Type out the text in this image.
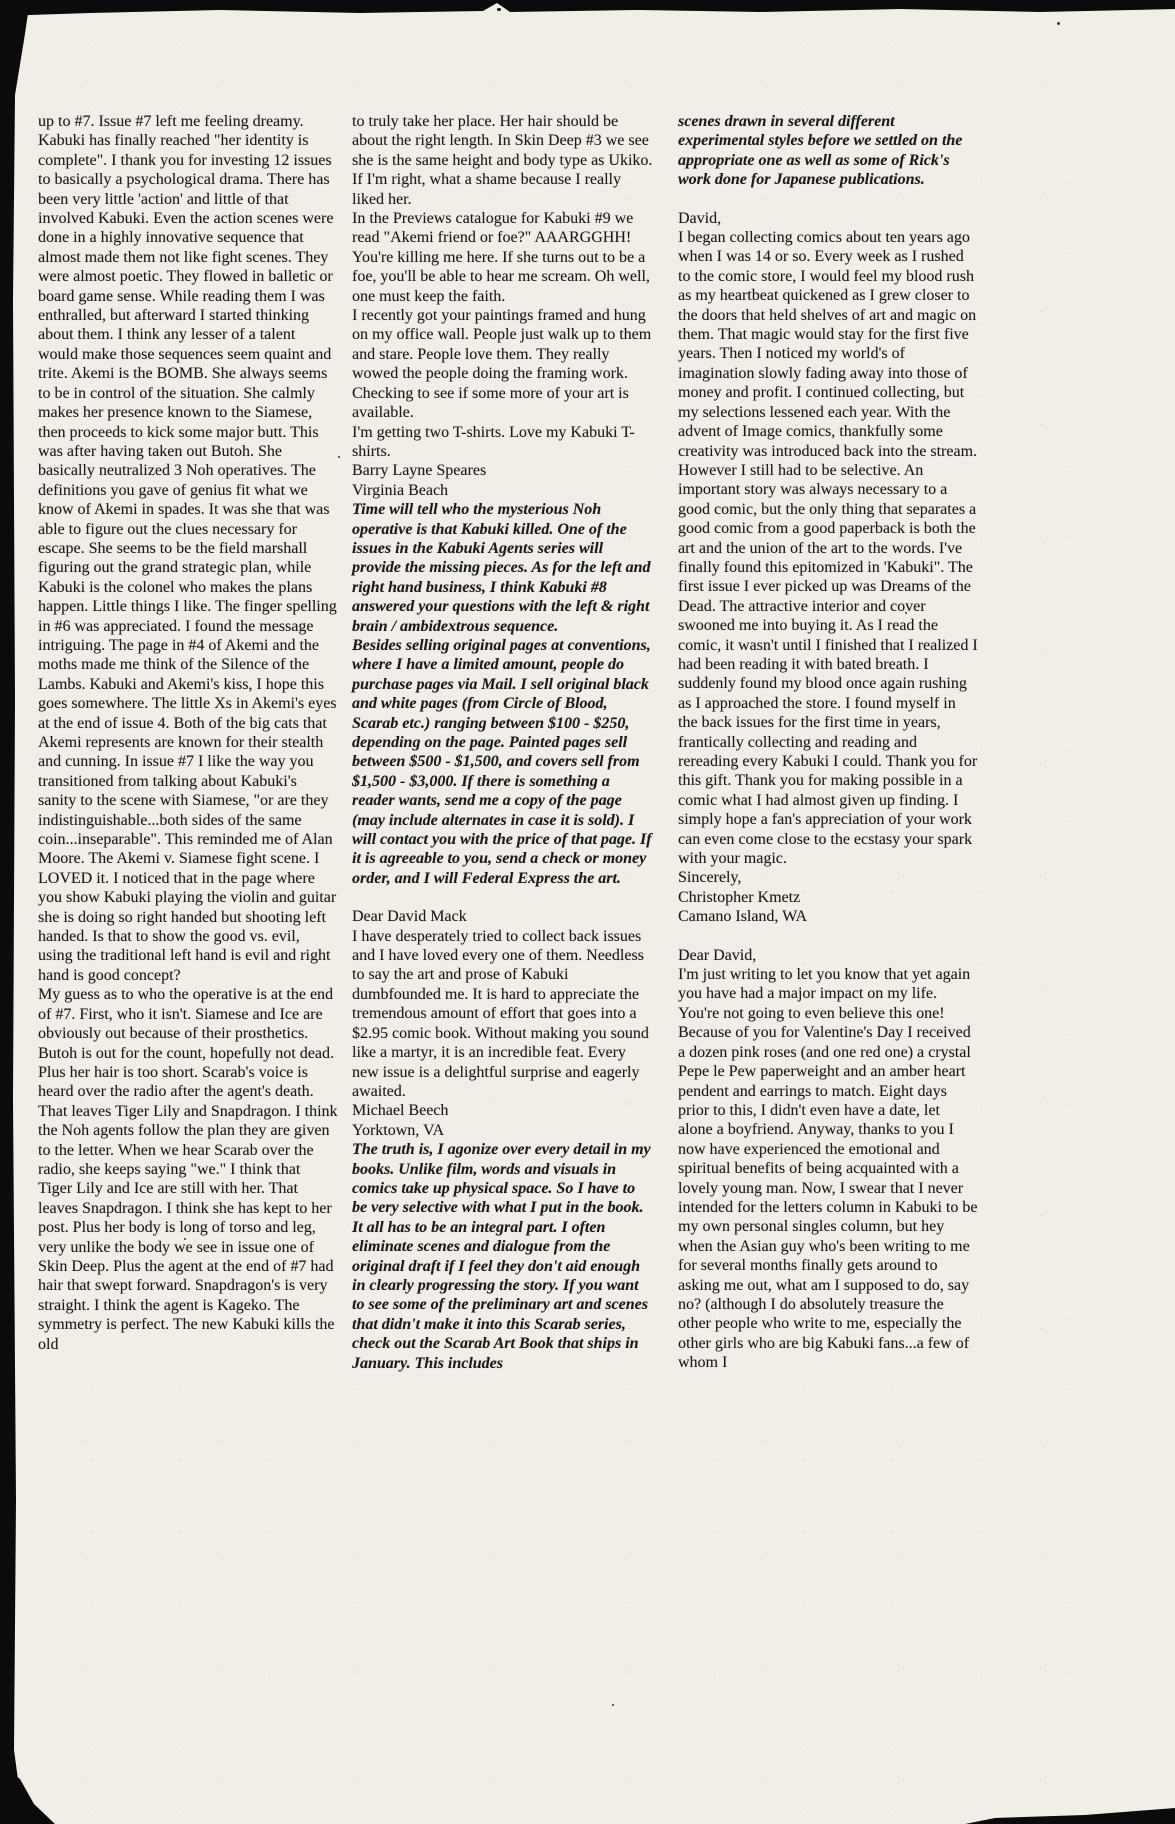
up to #7. Issue #7 left me feeling dreamy. Kabuki has finally reached "her identity is complete". I thank you for investing 12 issues to basically a psychological drama. There has been very little 'action' and little of that involved Kabuki. Even the action scenes were done in a highly innovative sequence that almost made them not like fight scenes. They were almost poetic. They flowed in balletic or board game sense. While reading them I was enthralled, but afterward I started thinking about them. I think any lesser of a talent would make those sequences seem quaint and trite. Akemi is the BOMB. She always seems to be in control of the situation. She calmly makes her presence known to the Siamese, then proceeds to kick some major butt. This was after having taken out Butoh. She basically neutralized 3 Noh operatives. The definitions you gave of genius fit what we know of Akemi in spades. It was she that was able to figure out the clues necessary for escape. She seems to be the field marshall figuring out the grand strategic plan, while Kabuki is the colonel who makes the plans happen. Little things I like. The finger spelling in #6 was appreciated. I found the message intriguing. The page in #4 of Akemi and the moths made me think of the Silence of the Lambs. Kabuki and Akemi's kiss, I hope this goes somewhere. The little Xs in Akemi's eyes at the end of issue 4. Both of the big cats that Akemi represents are known for their stealth and cunning. In issue #7 I like the way you transitioned from talking about Kabuki's sanity to the scene with Siamese, "or are they indistinguishable...both sides of the same coin...inseparable". This reminded me of Alan Moore. The Akemi v. Siamese fight scene. I LOVED it. I noticed that in the page where you show Kabuki playing the violin and guitar she is doing so right handed but shooting left handed. Is that to show the good vs. evil, using the traditional left hand is evil and right hand is good concept?

My guess as to who the operative is at the end of #7. First, who it isn't. Siamese and Ice are obviously out because of their prosthetics. Butoh is out for the count, hopefully not dead. Plus her hair is too short. Scarab's voice is heard over the radio after the agent's death. That leaves Tiger Lily and Snapdragon. I think the Noh agents follow the plan they are given to the letter. When we hear Scarab over the radio, she keeps saying "we." I think that Tiger Lily and Ice are still with her. That leaves Snapdragon. I think she has kept to her post. Plus her body is long of torso and leg, very unlike the body we see in issue one of Skin Deep. Plus the agent at the end of #7 had hair that swept forward. Snapdragon's is very straight. I think the agent is Kageko. The symmetry is perfect. The new Kabuki kills the old

to truly take her place. Her hair should be about the right length. In Skin Deep #3 we see she is the same height and body type as Ukiko. If I'm right, what a shame because I really liked her.

In the Previews catalogue for Kabuki #9 we read "Akemi friend or foe?" AAARGGHH! You're killing me here. If she turns out to be a foe, you'll be able to hear me scream. Oh well, one must keep the faith.

I recently got your paintings framed and hung on my office wall. People just walk up to them and stare. People love them. They really wowed the people doing the framing work. Checking to see if some more of your art is available.

I'm getting two T-shirts. Love my Kabuki T-shirts.

Barry Layne Speares

Virginia Beach

Time will tell who the mysterious Noh operative is that Kabuki killed. One of the issues in the Kabuki Agents series will provide the missing pieces. As for the left and right hand business, I think Kabuki #8 answered your questions with the left & right brain / ambidextrous sequence.

Besides selling original pages at conventions, where I have a limited amount, people do purchase pages via Mail. I sell original black and white pages (from Circle of Blood, Scarab etc.) ranging between $100 - $250, depending on the page. Painted pages sell between $500 - $1,500, and covers sell from $1,500 - $3,000. If there is something a reader wants, send me a copy of the page (may include alternates in case it is sold). I will contact you with the price of that page. If it is agreeable to you, send a check or money order, and I will Federal Express the art.

Dear David Mack

I have desperately tried to collect back issues and I have loved every one of them. Needless to say the art and prose of Kabuki dumbfounded me. It is hard to appreciate the tremendous amount of effort that goes into a $2.95 comic book. Without making you sound like a martyr, it is an incredible feat. Every new issue is a delightful surprise and eagerly awaited.

Michael Beech

Yorktown, VA

The truth is, I agonize over every detail in my books. Unlike film, words and visuals in comics take up physical space. So I have to be very selective with what I put in the book. It all has to be an integral part. I often eliminate scenes and dialogue from the original draft if I feel they don't aid enough in clearly progressing the story. If you want to see some of the preliminary art and scenes that didn't make it into this Scarab series, check out the Scarab Art Book that ships in January. This includes

scenes drawn in several different experimental styles before we settled on the appropriate one as well as some of Rick's work done for Japanese publications.

David,

I began collecting comics about ten years ago when I was 14 or so. Every week as I rushed to the comic store, I would feel my blood rush as my heartbeat quickened as I grew closer to the doors that held shelves of art and magic on them. That magic would stay for the first five years. Then I noticed my world's of imagination slowly fading away into those of money and profit. I continued collecting, but my selections lessened each year. With the advent of Image comics, thankfully some creativity was introduced back into the stream. However I still had to be selective. An important story was always necessary to a good comic, but the only thing that separates a good comic from a good paperback is both the art and the union of the art to the words. I've finally found this epitomized in 'Kabuki". The first issue I ever picked up was Dreams of the Dead. The attractive interior and cover swooned me into buying it. As I read the comic, it wasn't until I finished that I realized I had been reading it with bated breath. I suddenly found my blood once again rushing as I approached the store. I found myself in the back issues for the first time in years, frantically collecting and reading and rereading every Kabuki I could. Thank you for this gift. Thank you for making possible in a comic what I had almost given up finding. I simply hope a fan's appreciation of your work can even come close to the ecstasy your spark with your magic.

Sincerely,

Christopher Kmetz

Camano Island, WA

Dear David,

I'm just writing to let you know that yet again you have had a major impact on my life. You're not going to even believe this one! Because of you for Valentine's Day I received a dozen pink roses (and one red one) a crystal Pepe le Pew paperweight and an amber heart pendent and earrings to match. Eight days prior to this, I didn't even have a date, let alone a boyfriend. Anyway, thanks to you I now have experienced the emotional and spiritual benefits of being acquainted with a lovely young man. Now, I swear that I never intended for the letters column in Kabuki to be my own personal singles column, but hey when the Asian guy who's been writing to me for several months finally gets around to asking me out, what am I supposed to do, say no? (although I do absolutely treasure the other people who write to me, especially the other girls who are big Kabuki fans...a few of whom I
